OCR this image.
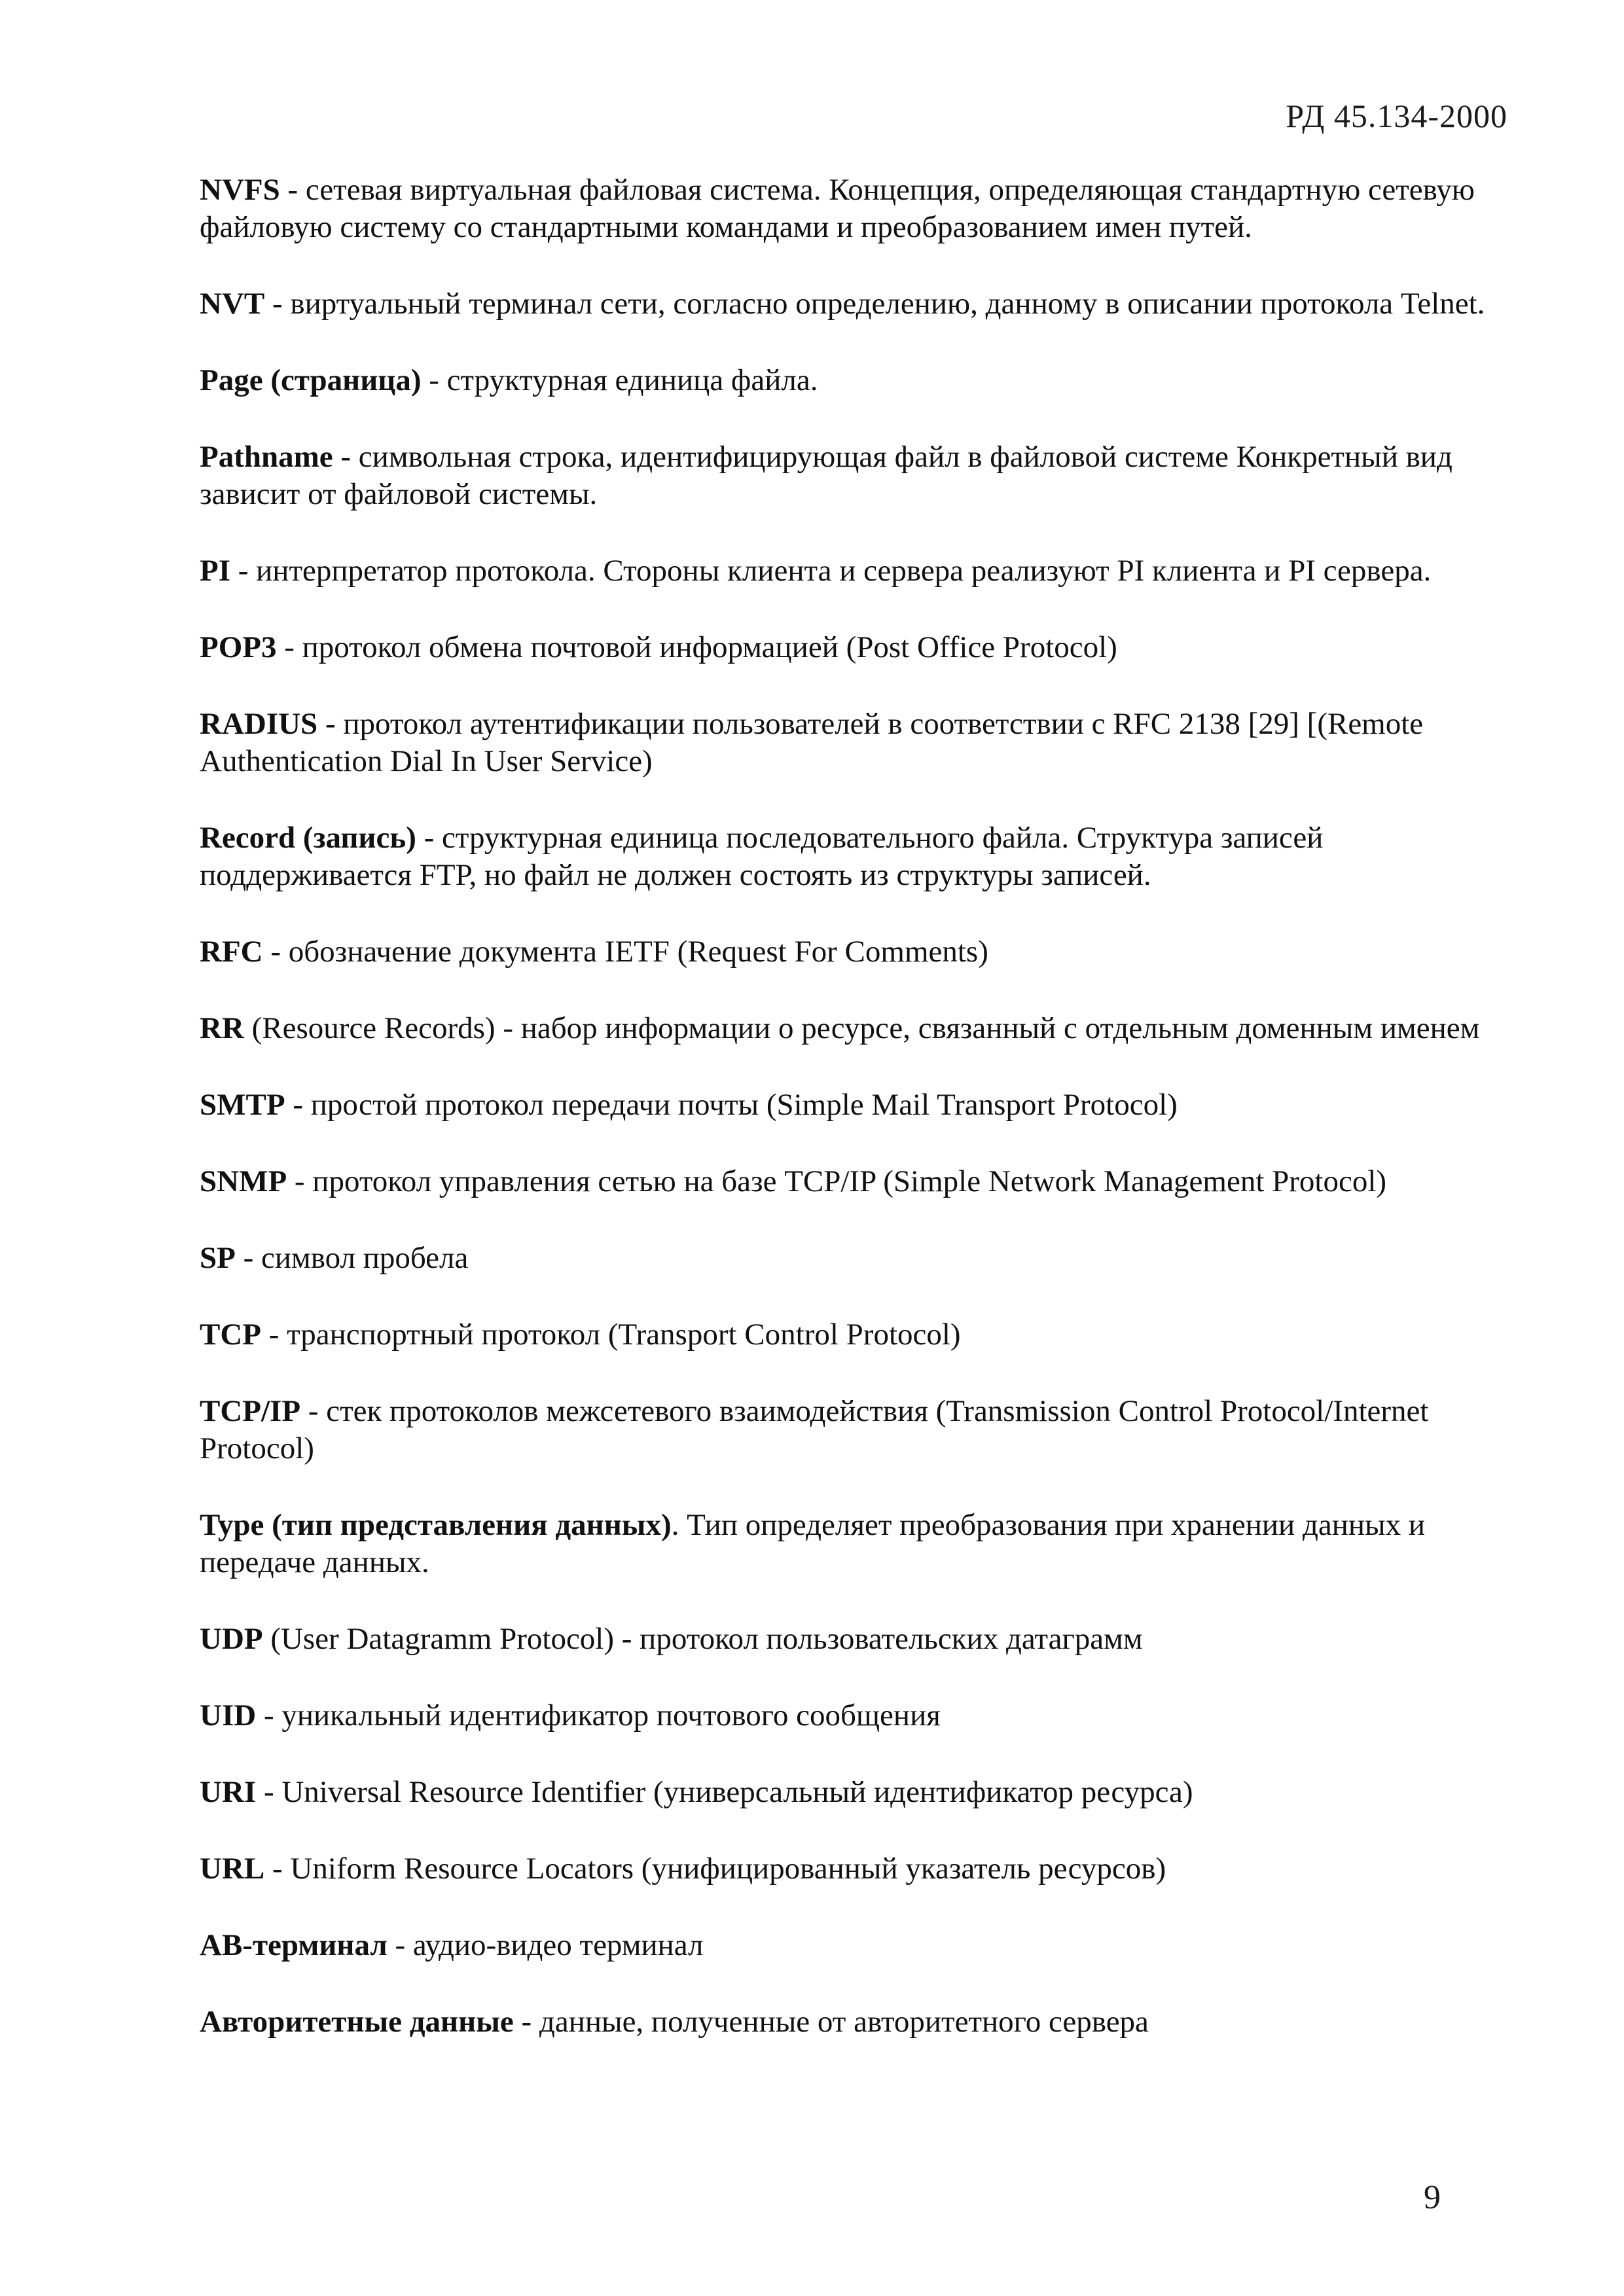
РД 45.134-2000

NVFS - сетевая виртуальная файловая система. Концепция, определяющая стандартную сетевую файловую систему со стандартными командами и преобразованием имен путей.

NVT - виртуальный терминал сети, согласно определению, данному в описании протокола Telnet.

Page (страница) - структурная единица файла.

Pathname - символьная строка, идентифицирующая файл в файловой системе Конкретный вид зависит от файловой системы.

PI - интерпретатор протокола. Стороны клиента и сервера реализуют PI клиента и PI сервера.

POP3 - протокол обмена почтовой информацией (Post Office Protocol)

RADIUS - протокол аутентификации пользователей в соответствии с RFC 2138 [29] [(Remote Authentication Dial In User Service)

Record (запись) - структурная единица последовательного файла. Структура записей поддерживается FTP, но файл не должен состоять из структуры записей.

RFC - обозначение документа IETF (Request For Comments)

RR (Resource Records) - набор информации о ресурсе, связанный с отдельным доменным именем

SMTP - простой протокол передачи почты (Simple Mail Transport Protocol)

SNMP - протокол управления сетью на базе TCP/IP (Simple Network Management Protocol)

SP - символ пробела

TCP - транспортный протокол (Transport Control Protocol)

TCP/IP - стек протоколов межсетевого взаимодействия (Transmission Control Protocol/Internet Protocol)

Type (тип представления данных). Тип определяет преобразования при хранении данных и передаче данных.

UDP (User Datagramm Protocol) - протокол пользовательских датаграмм

UID - уникальный идентификатор почтового сообщения

URI - Universal Resource Identifier (универсальный идентификатор ресурса)

URL - Uniform Resource Locators (унифицированный указатель ресурсов)

АВ-терминал - аудио-видео терминал

Авторитетные данные - данные, полученные от авторитетного сервера

9
